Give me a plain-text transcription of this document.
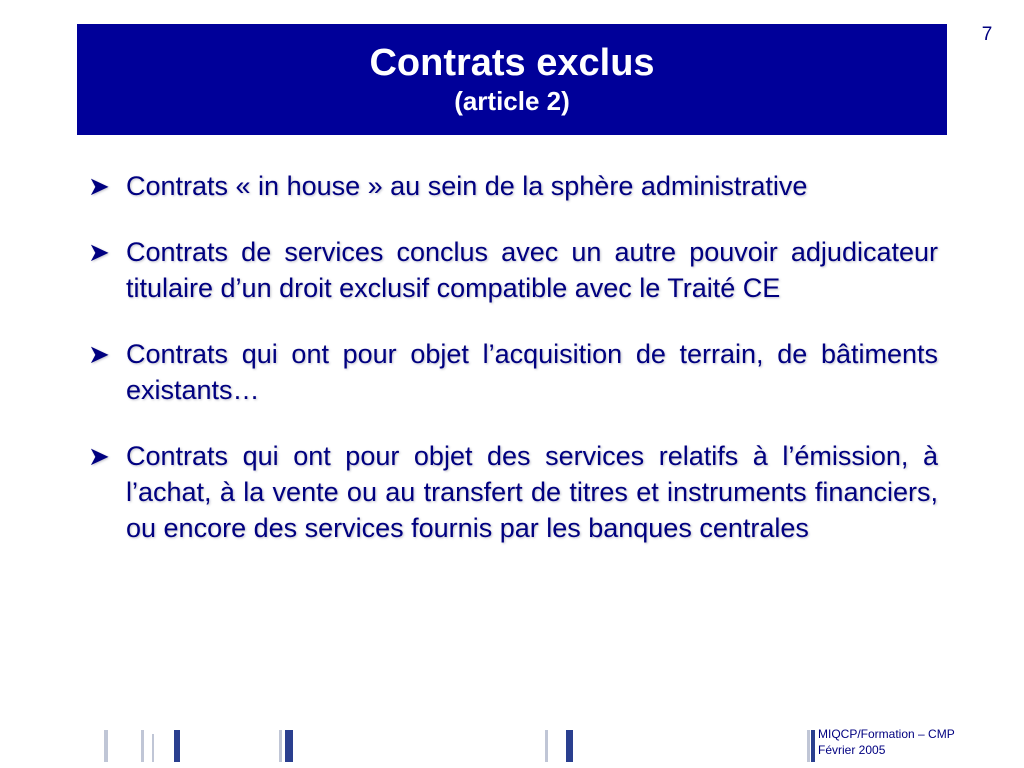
7
Contrats exclus
(article 2)
➤ Contrats « in house » au sein de la sphère administrative
➤ Contrats de services conclus avec un autre pouvoir adjudicateur titulaire d’un droit exclusif compatible avec le Traité CE
➤ Contrats qui ont pour objet l’acquisition de terrain, de bâtiments existants…
➤ Contrats qui ont pour objet des services relatifs à l’émission, à l’achat, à la vente ou au transfert de titres et instruments financiers, ou encore des services fournis par les banques centrales
MIQCP/Formation – CMP
Février 2005
